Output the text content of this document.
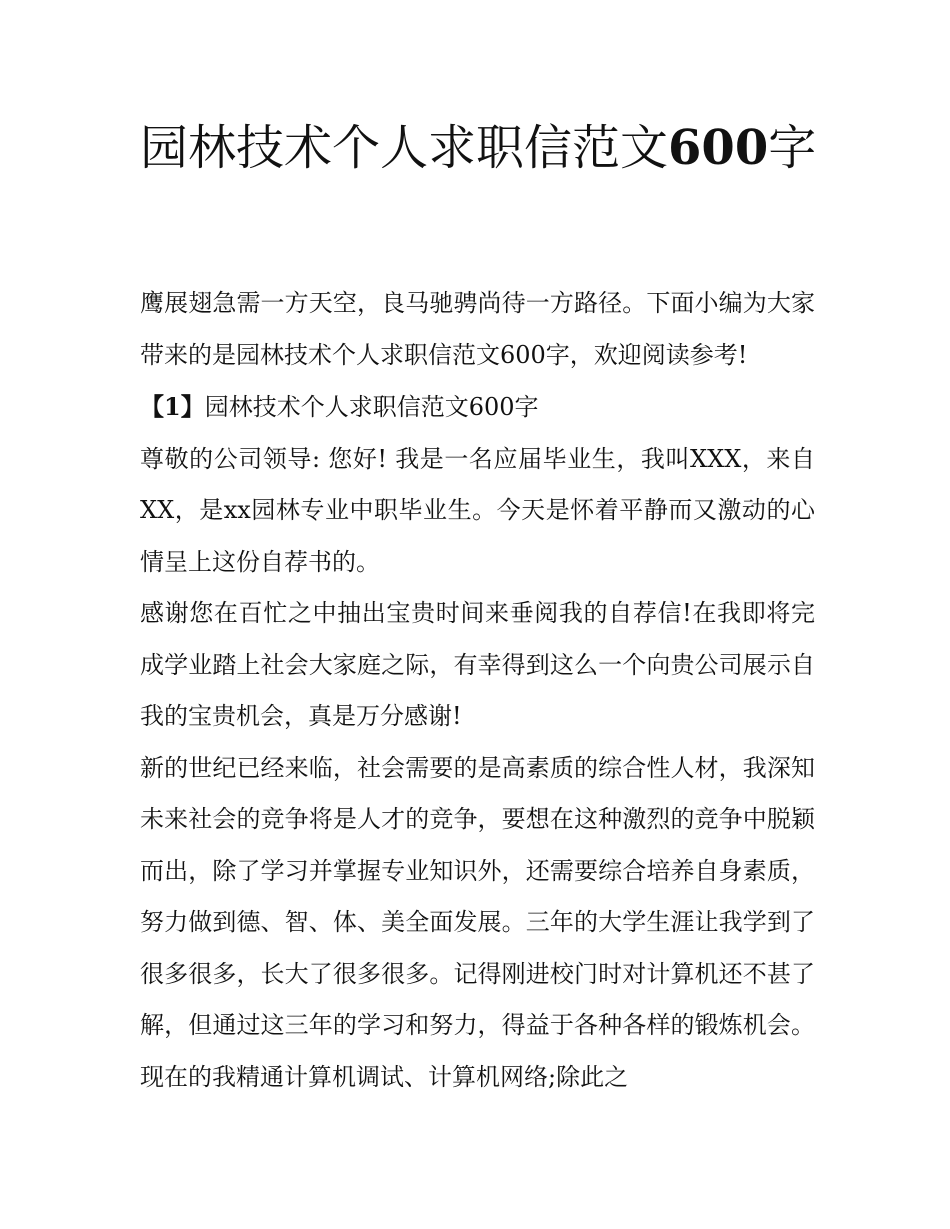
园林技术个人求职信范文600字

鹰展翅急需一方天空，良马驰骋尚待一方路径。下面小编为大家带来的是园林技术个人求职信范文600字，欢迎阅读参考!

【1】园林技术个人求职信范文600字

尊敬的公司领导: 您好! 我是一名应届毕业生，我叫XXX，来自XX，是xx园林专业中职毕业生。今天是怀着平静而又激动的心情呈上这份自荐书的。

感谢您在百忙之中抽出宝贵时间来垂阅我的自荐信!在我即将完成学业踏上社会大家庭之际，有幸得到这么一个向贵公司展示自我的宝贵机会，真是万分感谢!

新的世纪已经来临，社会需要的是高素质的综合性人材，我深知未来社会的竞争将是人才的竞争，要想在这种激烈的竞争中脱颖而出，除了学习并掌握专业知识外，还需要综合培养自身素质，努力做到德、智、体、美全面发展。三年的大学生涯让我学到了很多很多，长大了很多很多。记得刚进校门时对计算机还不甚了解，但通过这三年的学习和努力，得益于各种各样的锻炼机会。现在的我精通计算机调试、计算机网络;除此之
